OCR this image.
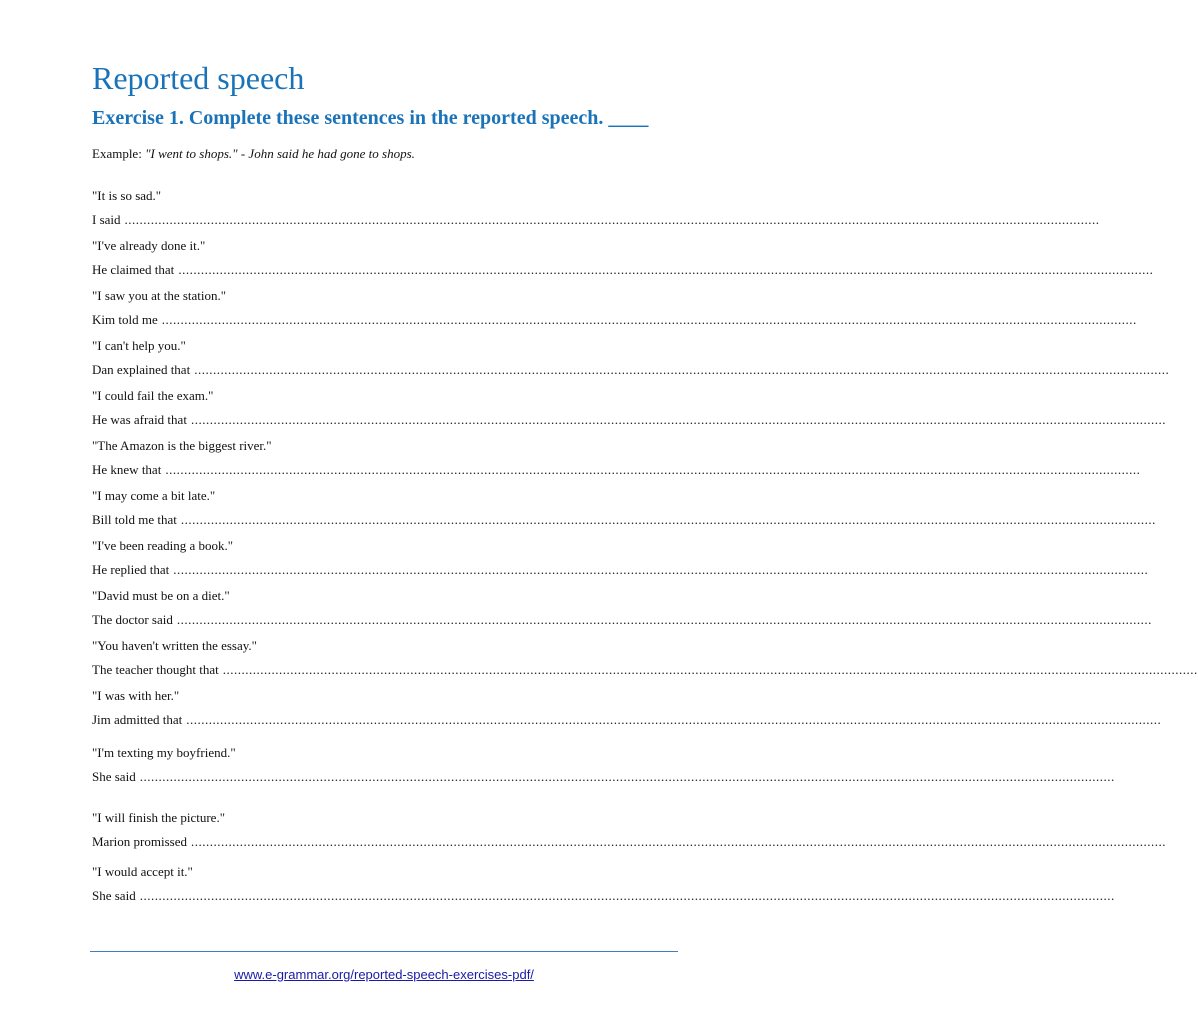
Reported speech
Exercise 1. Complete these sentences in the reported speech. ____
Example: "I went to shops." - John said he had gone to shops.
"It is so sad."
I said ....................................................................................................................................................................................................................................................................
"I've already done it."
He claimed that ....................................................................................................................................................................................................................................................................
"I saw you at the station."
Kim told me ....................................................................................................................................................................................................................................................................
"I can't help you."
Dan explained that ....................................................................................................................................................................................................................................................................
"I could fail the exam."
He was afraid that ....................................................................................................................................................................................................................................................................
"The Amazon is the biggest river."
He knew that ....................................................................................................................................................................................................................................................................
"I may come a bit late."
Bill told me that ....................................................................................................................................................................................................................................................................
"I've been reading a book."
He replied that ....................................................................................................................................................................................................................................................................
"David must be on a diet."
The doctor said ....................................................................................................................................................................................................................................................................
"You haven't written the essay."
The teacher thought that ....................................................................................................................................................................................................................................................................
"I was with her."
Jim admitted that ....................................................................................................................................................................................................................................................................
"I'm texting my boyfriend."
She said ....................................................................................................................................................................................................................................................................
"I will finish the picture."
Marion promissed ....................................................................................................................................................................................................................................................................
"I would accept it."
She said ....................................................................................................................................................................................................................................................................
www.e-grammar.org/reported-speech-exercises-pdf/
